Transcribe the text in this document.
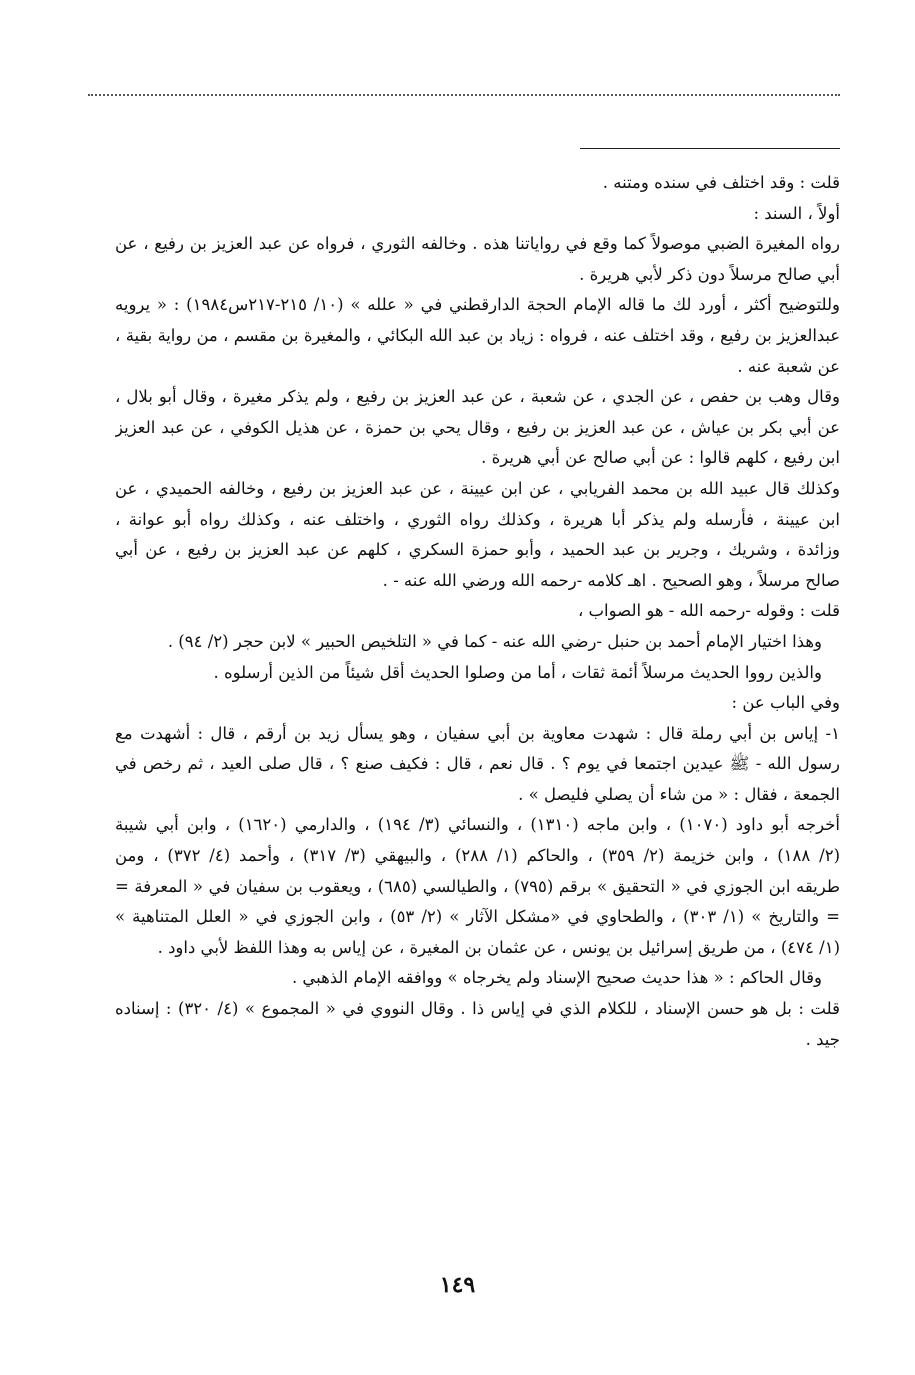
قلت : وقد اختلف في سنده ومتنه .
أولاً ، السند :
رواه المغيرة الضبي موصولاً كما وقع في رواياتنا هذه . وخالفه الثوري ، فرواه عن عبد العزيز بن رفيع ، عن
أبي صالح مرسلاً دون ذكر لأبي هريرة .
وللتوضيح أكثر ، أورد لك ما قاله الإمام الحجة الدارقطني في « علله » (١٠/ ٢١٥-٢١٧س١٩٨٤) : « يرويه
عبدالعزيز بن رفيع ، وقد اختلف عنه ، فرواه : زياد بن عبد الله البكائي ، والمغيرة بن مقسم ، من رواية بقية ،
عن شعبة عنه .
وقال وهب بن حفص ، عن الجدي ، عن شعبة ، عن عبد العزيز بن رفيع ، ولم يذكر مغيرة ، وقال أبو بلال ،
عن أبي بكر بن عياش ، عن عبد العزيز بن رفيع ، وقال يحي بن حمزة ، عن هذيل الكوفي ، عن عبد العزيز
ابن رفيع ، كلهم قالوا : عن أبي صالح عن أبي هريرة .
وكذلك قال عبيد الله بن محمد الفريابي ، عن ابن عيينة ، عن عبد العزيز بن رفيع ، وخالفه الحميدي ، عن
ابن عيينة ، فأرسله ولم يذكر أبا هريرة ، وكذلك رواه الثوري ، واختلف عنه ، وكذلك رواه أبو عوانة ،
وزائدة ، وشريك ، وجرير بن عبد الحميد ، وأبو حمزة السكري ، كلهم عن عبد العزيز بن رفيع ، عن أبي
صالح مرسلاً ، وهو الصحيح . اهـ كلامه -رحمه الله ورضي الله عنه - .
قلت : وقوله -رحمه الله - هو الصواب ،
وهذا اختيار الإمام أحمد بن حنبل -رضي الله عنه - كما في « التلخيص الحبير » لابن حجر (٢/ ٩٤) .
والذين رووا الحديث مرسلاً أئمة ثقات ، أما من وصلوا الحديث أقل شيئاً من الذين أرسلوه .
وفي الباب عن :
١- إياس بن أبي رملة قال : شهدت معاوية بن أبي سفيان ، وهو يسأل زيد بن أرقم ، قال : أشهدت مع
رسول الله - ﷺ عيدين اجتمعا في يوم ؟ . قال نعم ، قال : فكيف صنع ؟ ، قال صلى العيد ، ثم رخص في
الجمعة ، فقال : « من شاء أن يصلي فليصل » .
أخرجه أبو داود (١٠٧٠) ، وابن ماجه (١٣١٠) ، والنسائي (٣/ ١٩٤) ، والدارمي (١٦٢٠) ، وابن أبي شيبة
(٢/ ١٨٨) ، وابن خزيمة (٢/ ٣٥٩) ، والحاكم (١/ ٢٨٨) ، والبيهقي (٣/ ٣١٧) ، وأحمد (٤/ ٣٧٢) ، ومن
طريقه ابن الجوزي في « التحقيق » برقم (٧٩٥) ، والطيالسي (٦٨٥) ، ويعقوب بن سفيان في « المعرفة =
= والتاريخ » (١/ ٣٠٣) ، والطحاوي في «مشكل الآثار » (٢/ ٥٣) ، وابن الجوزي في « العلل المتناهية »
(١/ ٤٧٤) ، من طريق إسرائيل بن يونس ، عن عثمان بن المغيرة ، عن إياس به وهذا اللفظ لأبي داود .
وقال الحاكم : « هذا حديث صحيح الإسناد ولم يخرجاه » ووافقه الإمام الذهبي .
قلت : بل هو حسن الإسناد ، للكلام الذي في إياس ذا . وقال النووي في « المجموع » (٤/ ٣٢٠) : إسناده
جيد .
١٤٩
